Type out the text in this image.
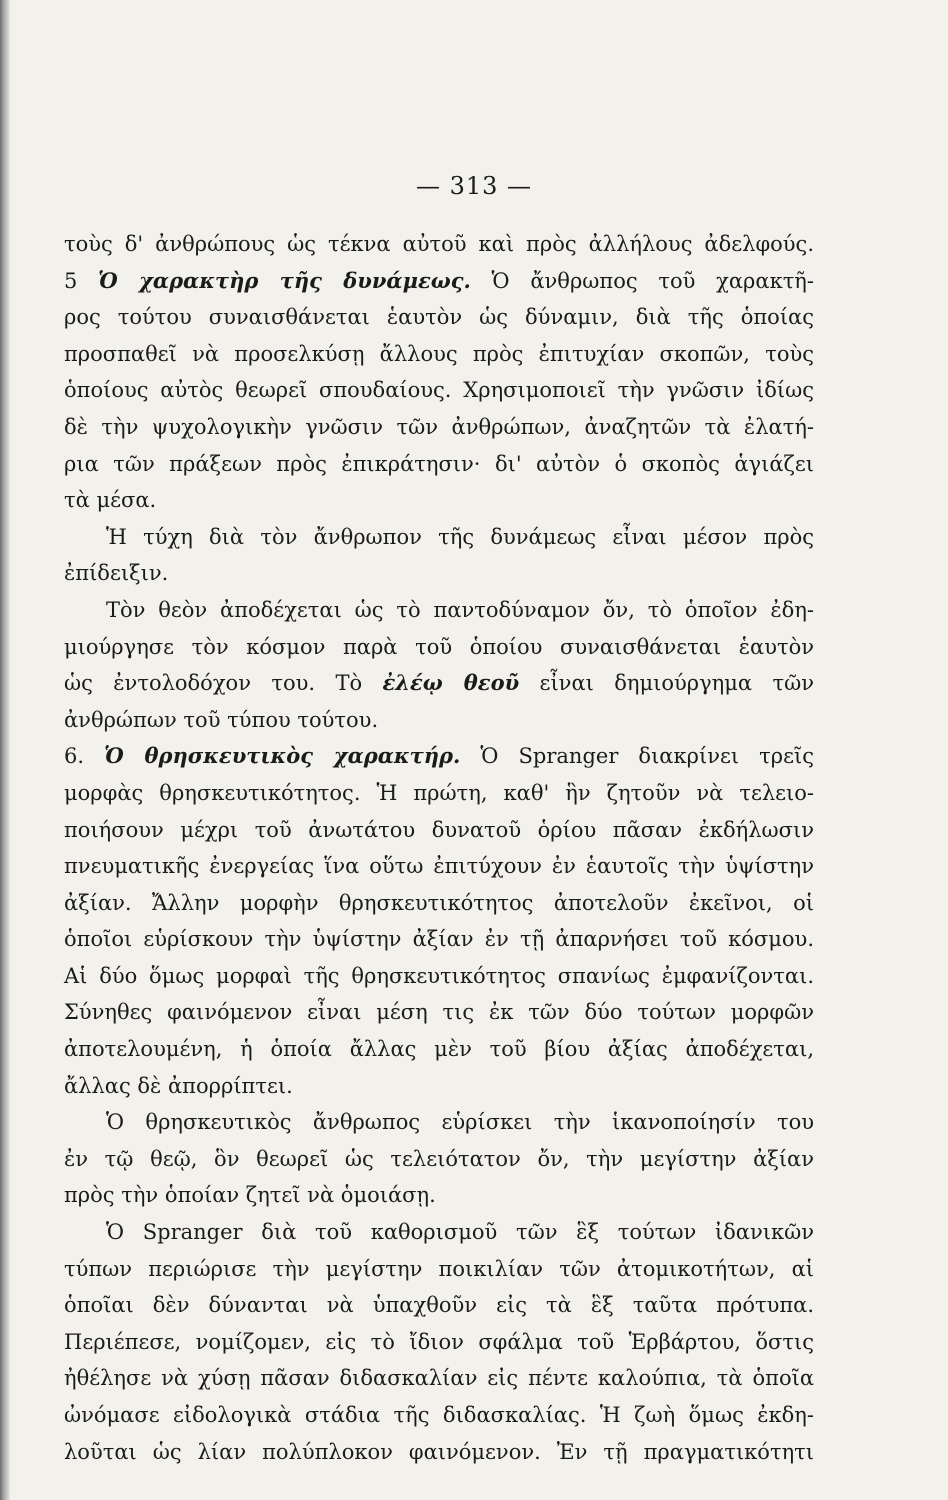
— 313 —
τοὺς δ' ἀνθρώπους ὡς τέκνα αὐτοῦ καὶ πρὸς ἀλλήλους ἀδελφούς.
5 Ὁ χαρακτὴρ τῆς δυνάμεως. Ὁ ἄνθρωπος τοῦ χαρακτῆ-
ρος τούτου συναισθάνεται ἑαυτὸν ὡς δύναμιν, διὰ τῆς ὁποίας
προσπαθεῖ νὰ προσελκύσῃ ἄλλους πρὸς ἐπιτυχίαν σκοπῶν, τοὺς
ὁποίους αὐτὸς θεωρεῖ σπουδαίους. Χρησιμοποιεῖ τὴν γνῶσιν ἰδίως
δὲ τὴν ψυχολογικὴν γνῶσιν τῶν ἀνθρώπων, ἀναζητῶν τὰ ἐλατή-
ρια τῶν πράξεων πρὸς ἐπικράτησιν· δι' αὐτὸν ὁ σκοπὸς ἁγιάζει
τὰ μέσα.
Ἡ τύχη διὰ τὸν ἄνθρωπον τῆς δυνάμεως εἶναι μέσον πρὸς
ἐπίδειξιν.
Τὸν θεὸν ἀποδέχεται ὡς τὸ παντοδύναμον ὄν, τὸ ὁποῖον ἐδη-
μιούργησε τὸν κόσμον παρὰ τοῦ ὁποίου συναισθάνεται ἑαυτὸν
ὡς ἐντολοδόχον του. Τὸ ἐλέῳ θεοῦ εἶναι δημιούργημα τῶν
ἀνθρώπων τοῦ τύπου τούτου.
6. Ὁ θρησκευτικὸς χαρακτήρ. Ὁ Spranger διακρίνει τρεῖς
μορφὰς θρησκευτικότητος. Ἡ πρώτη, καθ' ἣν ζητοῦν νὰ τελειο-
ποιήσουν μέχρι τοῦ ἀνωτάτου δυνατοῦ ὁρίου πᾶσαν ἐκδήλωσιν
πνευματικῆς ἐνεργείας ἵνα οὕτω ἐπιτύχουν ἐν ἑαυτοῖς τὴν ὑψίστην
ἀξίαν. Ἄλλην μορφὴν θρησκευτικότητος ἀποτελοῦν ἐκεῖνοι, οἱ
ὁποῖοι εὑρίσκουν τὴν ὑψίστην ἀξίαν ἐν τῇ ἀπαρνήσει τοῦ κόσμου.
Αἱ δύο ὅμως μορφαὶ τῆς θρησκευτικότητος σπανίως ἐμφανίζονται.
Σύνηθες φαινόμενον εἶναι μέση τις ἐκ τῶν δύο τούτων μορφῶν
ἀποτελουμένη, ἡ ὁποία ἄλλας μὲν τοῦ βίου ἀξίας ἀποδέχεται,
ἄλλας δὲ ἀπορρίπτει.
Ὁ θρησκευτικὸς ἄνθρωπος εὑρίσκει τὴν ἱκανοποίησίν του
ἐν τῷ θεῷ, ὃν θεωρεῖ ὡς τελειότατον ὄν, τὴν μεγίστην ἀξίαν
πρὸς τὴν ὁποίαν ζητεῖ νὰ ὁμοιάσῃ.
Ὁ Spranger διὰ τοῦ καθορισμοῦ τῶν ἓξ τούτων ἰδανικῶν
τύπων περιώρισε τὴν μεγίστην ποικιλίαν τῶν ἀτομικοτήτων, αἱ
ὁποῖαι δὲν δύνανται νὰ ὑπαχθοῦν εἰς τὰ ἓξ ταῦτα πρότυπα.
Περιέπεσε, νομίζομεν, εἰς τὸ ἴδιον σφάλμα τοῦ Ἑρβάρτου, ὅστις
ἠθέλησε νὰ χύσῃ πᾶσαν διδασκαλίαν εἰς πέντε καλούπια, τὰ ὁποῖα
ὠνόμασε εἰδολογικὰ στάδια τῆς διδασκαλίας. Ἡ ζωὴ ὅμως ἐκδη-
λοῦται ὡς λίαν πολύπλοκον φαινόμενον. Ἐν τῇ πραγματικότητι
